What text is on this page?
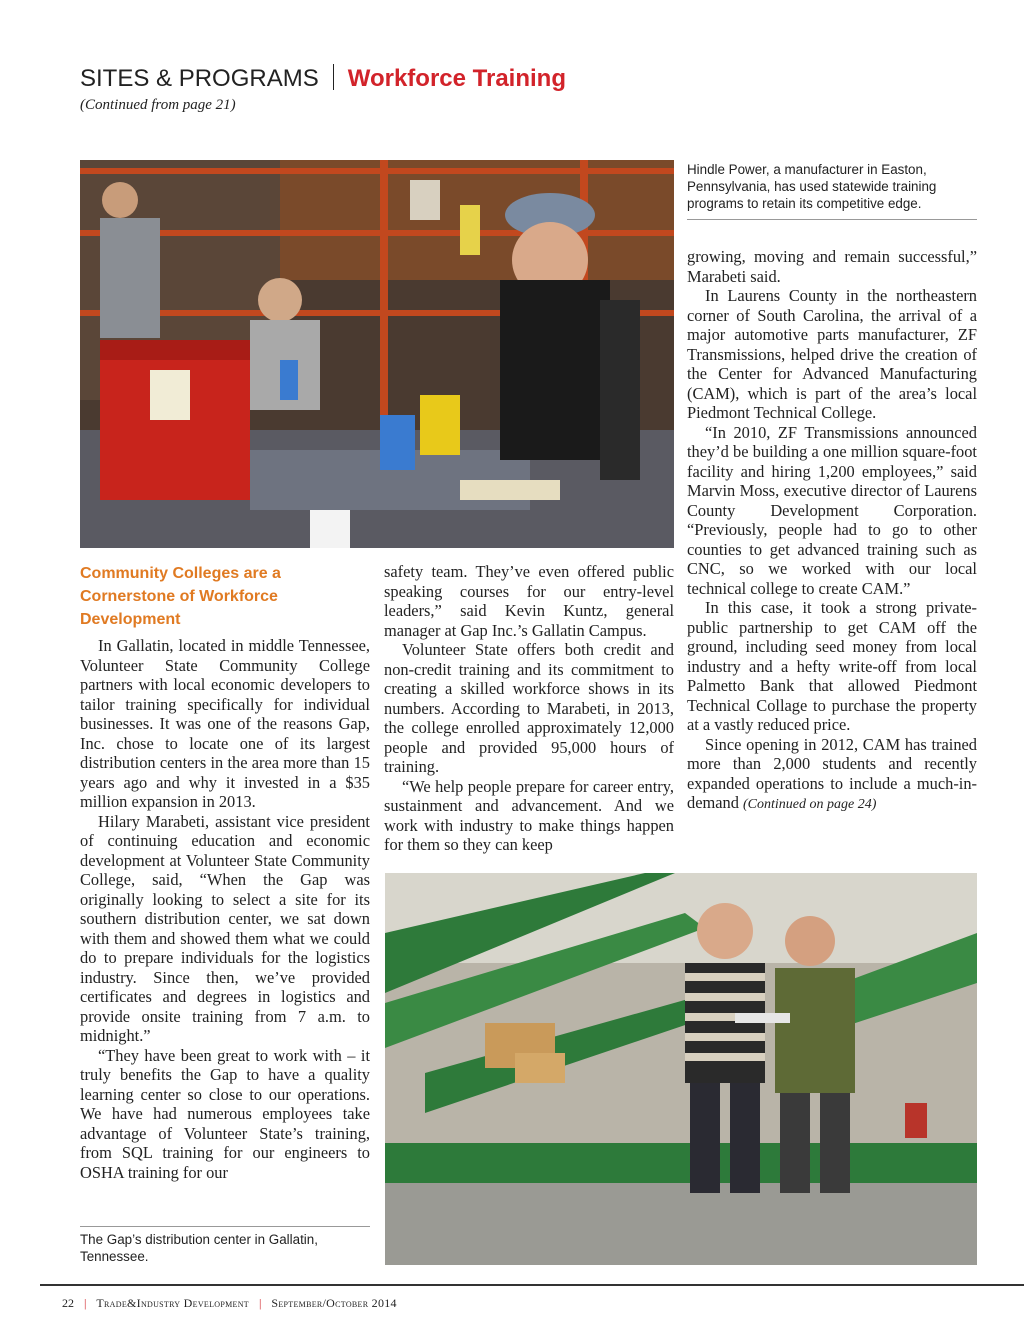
SITES & PROGRAMS Workforce Training
(Continued from page 21)
Hindle Power, a manufacturer in Easton, Pennsylvania, has used statewide training programs to retain its competitive edge.
Community Colleges are a Cornerstone of Workforce Development

In Gallatin, located in middle Tennessee, Volunteer State Community College partners with local economic developers to tailor training specifically for individual businesses. It was one of the reasons Gap, Inc. chose to locate one of its largest distribution centers in the area more than 15 years ago and why it invested in a $35 million expansion in 2013.

Hilary Marabeti, assistant vice president of continuing education and economic development at Volunteer State Community College, said, “When the Gap was originally looking to select a site for its southern distribution center, we sat down with them and showed them what we could do to prepare individuals for the logistics industry. Since then, we’ve provided certificates and degrees in logistics and provide onsite training from 7 a.m. to midnight.”

“They have been great to work with – it truly benefits the Gap to have a quality learning center so close to our operations. We have had numerous employees take advantage of Volunteer State’s training, from SQL training for our engineers to OSHA training for our

safety team. They’ve even offered public speaking courses for our entry-level leaders,” said Kevin Kuntz, general manager at Gap Inc.’s Gallatin Campus.

Volunteer State offers both credit and non-credit training and its commitment to creating a skilled workforce shows in its numbers. According to Marabeti, in 2013, the college enrolled approximately 12,000 people and provided 95,000 hours of training.

“We help people prepare for career entry, sustainment and advancement. And we work with industry to make things happen for them so they can keep

growing, moving and remain successful,” Marabeti said.

In Laurens County in the northeastern corner of South Carolina, the arrival of a major automotive parts manufacturer, ZF Transmissions, helped drive the creation of the Center for Advanced Manufacturing (CAM), which is part of the area’s local Piedmont Technical College.

“In 2010, ZF Transmissions announced they’d be building a one million square-foot facility and hiring 1,200 employees,” said Marvin Moss, executive director of Laurens County Development Corporation. “Previously, people had to go to other counties to get advanced training such as CNC, so we worked with our local technical college to create CAM.”

In this case, it took a strong private-public partnership to get CAM off the ground, including seed money from local industry and a hefty write-off from local Palmetto Bank that allowed Piedmont Technical Collage to purchase the property at a vastly reduced price.

Since opening in 2012, CAM has trained more than 2,000 students and recently expanded operations to include a much-in-demand (Continued on page 24)

The Gap’s distribution center in Gallatin, Tennessee.
22 | Trade&Industry Development | September/October 2014
